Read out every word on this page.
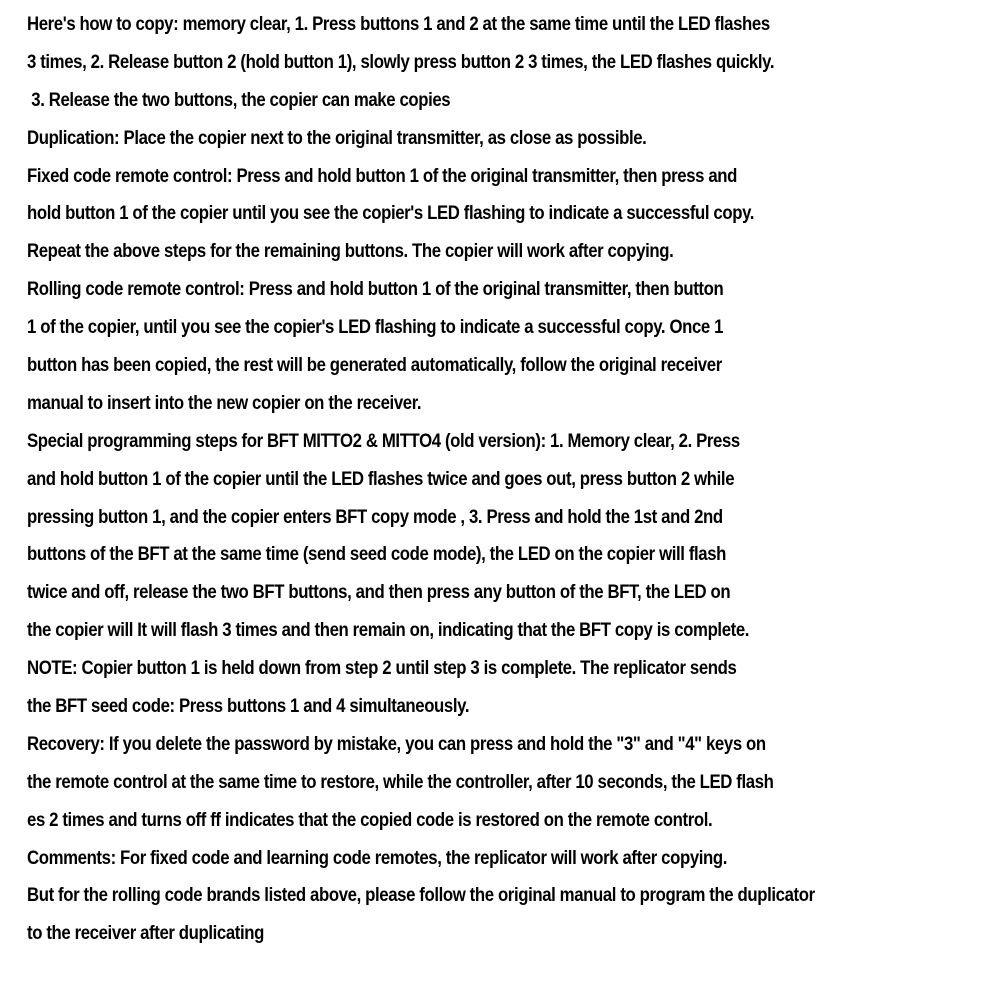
Here's how to copy: memory clear, 1. Press buttons 1 and 2 at the same time until the LED flashes
3 times, 2. Release button 2 (hold button 1), slowly press button 2 3 times, the LED flashes quickly.
3. Release the two buttons, the copier can make copies
Duplication: Place the copier next to the original transmitter, as close as possible.
Fixed code remote control: Press and hold button 1 of the original transmitter, then press and
hold button 1 of the copier until you see the copier's LED flashing to indicate a successful copy.
Repeat the above steps for the remaining buttons. The copier will work after copying.
Rolling code remote control: Press and hold button 1 of the original transmitter, then button
1 of the copier, until you see the copier's LED flashing to indicate a successful copy. Once 1
button has been copied, the rest will be generated automatically, follow the original receiver
manual to insert into the new copier on the receiver.
Special programming steps for BFT MITTO2 & MITTO4 (old version): 1. Memory clear, 2. Press
and hold button 1 of the copier until the LED flashes twice and goes out, press button 2 while
pressing button 1, and the copier enters BFT copy mode , 3. Press and hold the 1st and 2nd
buttons of the BFT at the same time (send seed code mode), the LED on the copier will flash
twice and off, release the two BFT buttons, and then press any button of the BFT, the LED on
the copier will It will flash 3 times and then remain on, indicating that the BFT copy is complete.
NOTE: Copier button 1 is held down from step 2 until step 3 is complete. The replicator sends
the BFT seed code: Press buttons 1 and 4 simultaneously.
Recovery: If you delete the password by mistake, you can press and hold the "3" and "4" keys on
the remote control at the same time to restore, while the controller, after 10 seconds, the LED flash
es 2 times and turns off ff indicates that the copied code is restored on the remote control.
Comments: For fixed code and learning code remotes, the replicator will work after copying.
But for the rolling code brands listed above, please follow the original manual to program the duplicator
to the receiver after duplicating
